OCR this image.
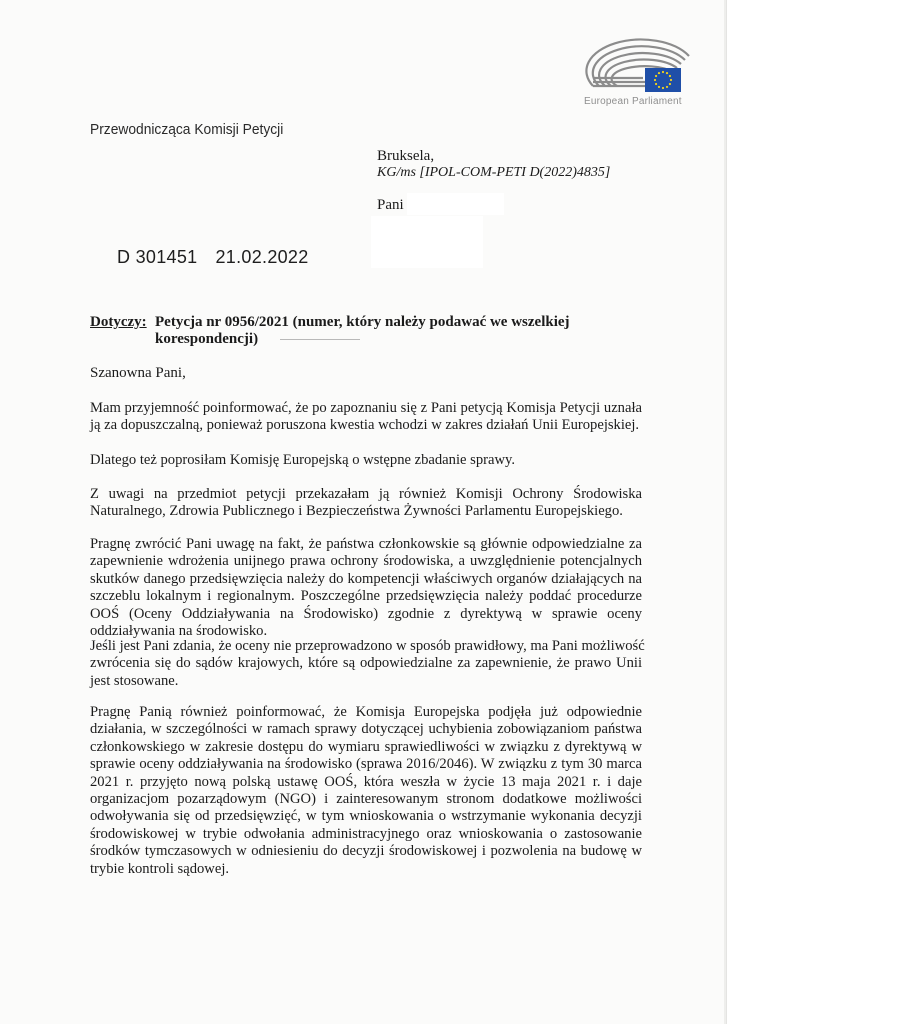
European Parliament
Przewodnicząca Komisji Petycji
Bruksela,
KG/ms [IPOL-COM-PETI D(2022)4835]
Pani
D 301451 21.02.2022
Dotyczy: Petycja nr 0956/2021 (numer, który należy podawać we wszelkiej
korespondencji)
Szanowna Pani,
Mam przyjemność poinformować, że po zapoznaniu się z Pani petycją Komisja Petycji uznała
ją za dopuszczalną, ponieważ poruszona kwestia wchodzi w zakres działań Unii Europejskiej.
Dlatego też poprosiłam Komisję Europejską o wstępne zbadanie sprawy.
Z uwagi na przedmiot petycji przekazałam ją również Komisji Ochrony Środowiska
Naturalnego, Zdrowia Publicznego i Bezpieczeństwa Żywności Parlamentu Europejskiego.
Pragnę zwrócić Pani uwagę na fakt, że państwa członkowskie są głównie odpowiedzialne za
zapewnienie wdrożenia unijnego prawa ochrony środowiska, a uwzględnienie potencjalnych
skutków danego przedsięwzięcia należy do kompetencji właściwych organów działających na
szczeblu lokalnym i regionalnym. Poszczególne przedsięwzięcia należy poddać procedurze
OOŚ (Oceny Oddziaływania na Środowisko) zgodnie z dyrektywą w sprawie oceny
oddziaływania na środowisko.
Jeśli jest Pani zdania, że oceny nie przeprowadzono w sposób prawidłowy, ma Pani możliwość
zwrócenia się do sądów krajowych, które są odpowiedzialne za zapewnienie, że prawo Unii
jest stosowane.
Pragnę Panią również poinformować, że Komisja Europejska podjęła już odpowiednie
działania, w szczególności w ramach sprawy dotyczącej uchybienia zobowiązaniom państwa
członkowskiego w zakresie dostępu do wymiaru sprawiedliwości w związku z dyrektywą w
sprawie oceny oddziaływania na środowisko (sprawa 2016/2046). W związku z tym 30 marca
2021 r. przyjęto nową polską ustawę OOŚ, która weszła w życie 13 maja 2021 r. i daje
organizacjom pozarządowym (NGO) i zainteresowanym stronom dodatkowe możliwości
odwoływania się od przedsięwzięć, w tym wnioskowania o wstrzymanie wykonania decyzji
środowiskowej w trybie odwołania administracyjnego oraz wnioskowania o zastosowanie
środków tymczasowych w odniesieniu do decyzji środowiskowej i pozwolenia na budowę w
trybie kontroli sądowej.
